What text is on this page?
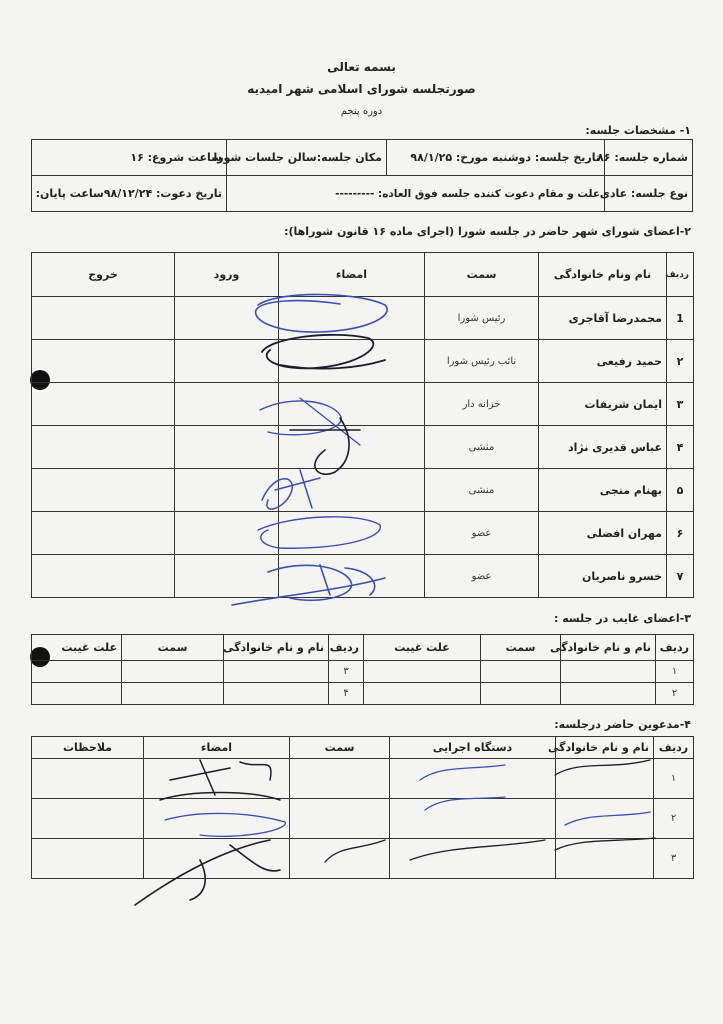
بسمه تعالی
صورتجلسه شورای اسلامی شهر امیدیه
دوره پنجم
۱- مشخصات جلسه:
شماره جلسه: ۸۶	تاریخ جلسه: دوشنبه مورخ: ۹۸/۱/۲۵	مکان جلسه:سالن جلسات شورا	ساعت شروع: ۱۶
نوع جلسه: عادی	علت و مقام دعوت کننده جلسه فوق العاده: ---------		تاریخ دعوت: ۹۸/۱۲/۲۴
ساعت پایان:
۲-اعضای شورای شهر حاضر در جلسه شورا (اجرای ماده ۱۶ قانون شوراها):
ردیف	نام ونام خانوادگی	سمت	امضاء	ورود	خروج
1	محمدرضا آقاجری	رئیس شورا			
۲	حمید رفیعی	نائب رئیس شورا			
۳	ایمان شریفات	خزانه دار			
۴	عباس قدیری نژاد	منشی			
۵	بهنام منجی	منشی			
۶	مهران افضلی	عضو			
۷	خسرو ناصریان	عضو			
۳-اعضای غایب در جلسه :
ردیف	نام و نام خانوادگی	سمت	علت غیبت	ردیف	نام و نام خانوادگی	سمت	علت غیبت
۱				۳			
۲				۴			
۴-مدعوین حاضر درجلسه:
ردیف	نام و نام خانوادگی	دستگاه اجرایی	سمت	امضاء	ملاحظات
۱					
۲					
۳					
